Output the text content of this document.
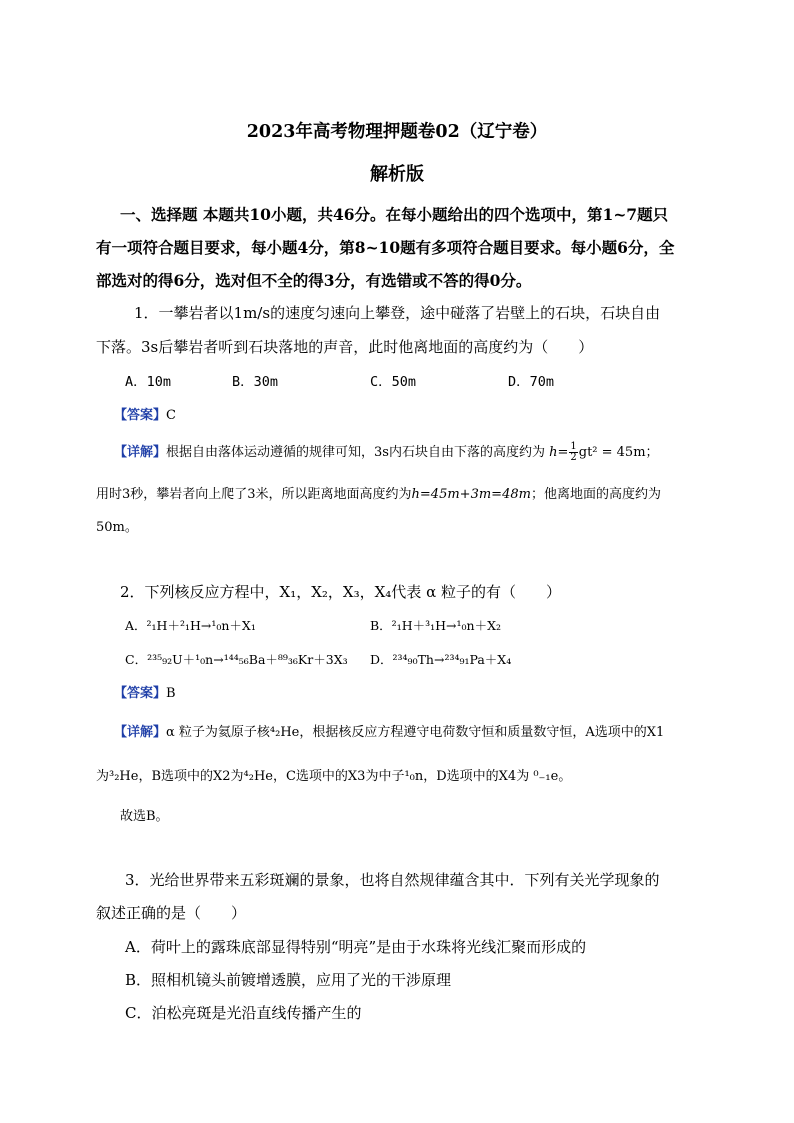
2023年高考物理押题卷02（辽宁卷）
解析版
一、选择题 本题共10小题，共46分。在每小题给出的四个选项中，第1~7题只
有一项符合题目要求，每小题4分，第8~10题有多项符合题目要求。每小题6分，全
部选对的得6分，选对但不全的得3分，有选错或不答的得0分。
1．一攀岩者以1m/s的速度匀速向上攀登，途中碰落了岩壁上的石块，石块自由
下落。3s后攀岩者听到石块落地的声音，此时他离地面的高度约为（　　）
A．10m	B．30m	C．50m	D．70m
【答案】C
【详解】根据自由落体运动遵循的规律可知，3s内石块自由下落的高度约为 $h= \frac{1}{2} gt^2 = 45m$；
用时3秒，攀岩者向上爬了3米，所以距离地面高度约为h=45m+3m=48m；他离地面的高度约为
50m。
2．下列核反应方程中，X₁，X₂，X₃，X₄代表 α 粒子的有（　　）
A．²₁H＋²₁H→¹₀n＋X₁	B．²₁H＋³₁H→¹₀n＋X₂
C．²³⁵₉₂U＋¹₀n→¹⁴⁴₅₆Ba＋⁸⁹₃₆Kr＋3X₃ D．²³⁴₉₀Th→²³⁴₉₁Pa＋X₄
【答案】B
【详解】α 粒子为氦原子核⁴₂He，根据核反应方程遵守电荷数守恒和质量数守恒，A选项中的X1
为³₂He，B选项中的X2为⁴₂He，C选项中的X3为中子¹₀n，D选项中的X4为 ⁰₋₁e。
故选B。
3．光给世界带来五彩斑斓的景象，也将自然规律蕴含其中．下列有关光学现象的
叙述正确的是（　　）
A．荷叶上的露珠底部显得特别“明亮”是由于水珠将光线汇聚而形成的
B．照相机镜头前镀增透膜，应用了光的干涉原理
C．泊松亮斑是光沿直线传播产生的
